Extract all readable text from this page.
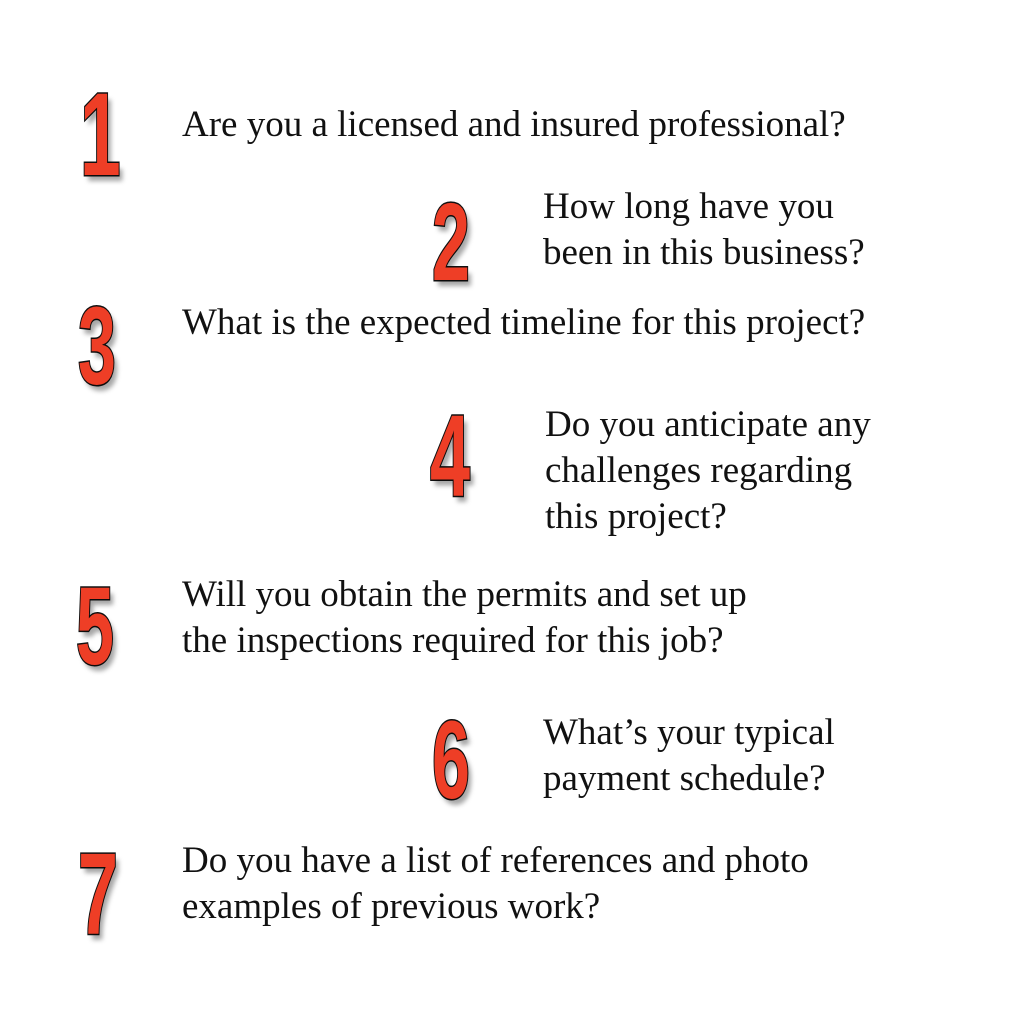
1 Are you a licensed and insured professional?
2 How long have you
been in this business?
3 What is the expected timeline for this project?
4 Do you anticipate any
challenges regarding
this project?
5 Will you obtain the permits and set up
the inspections required for this job?
6 What’s your typical
payment schedule?
7 Do you have a list of references and photo
examples of previous work?
